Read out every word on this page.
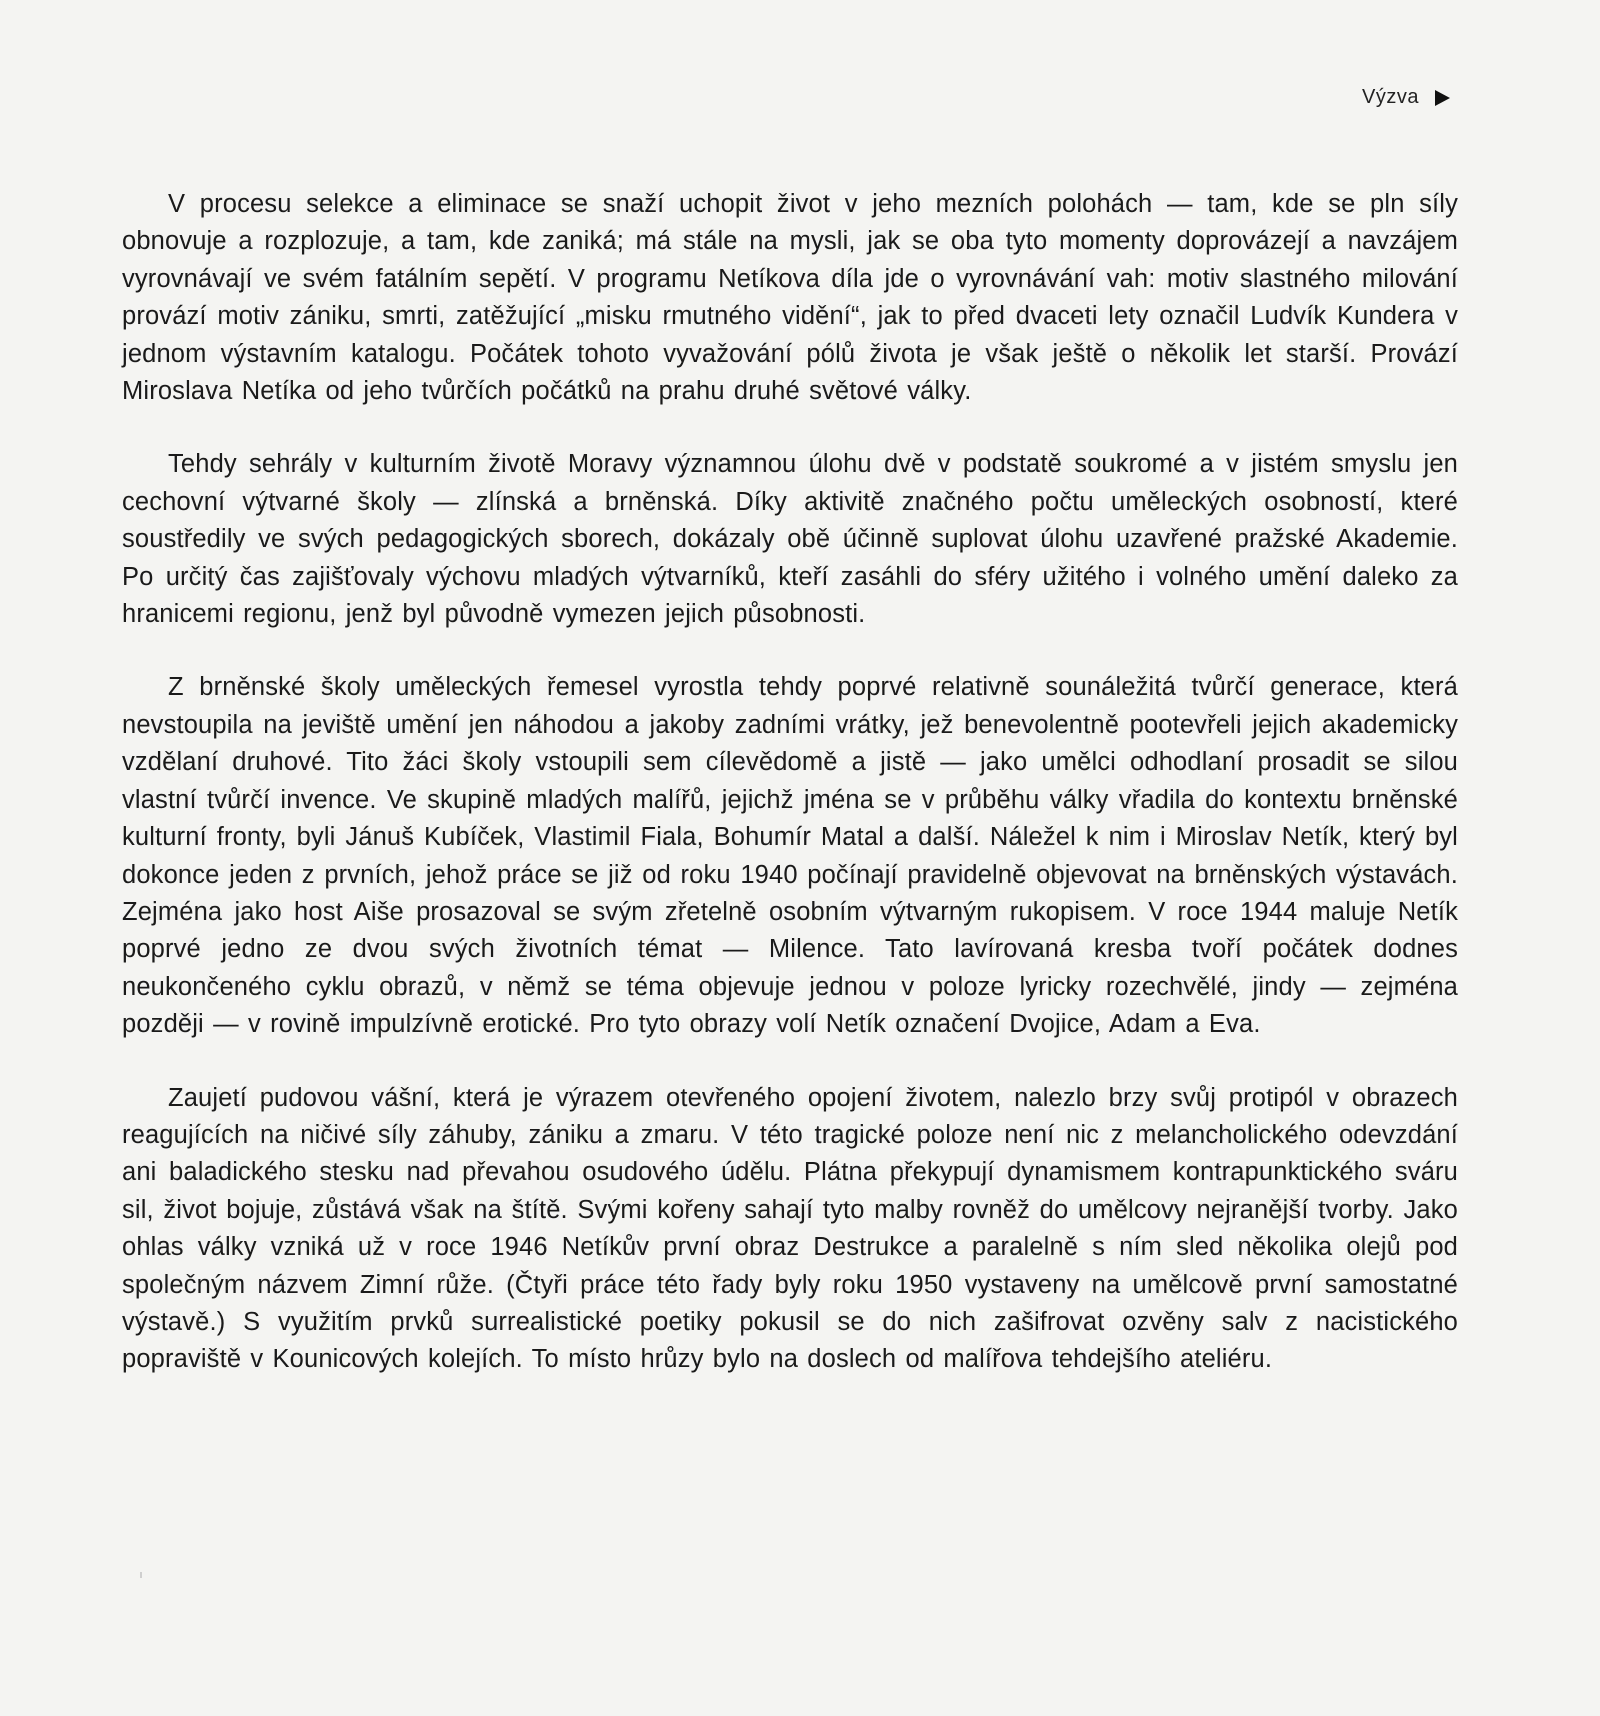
Výzva

V procesu selekce a eliminace se snaží uchopit život v jeho mezních polohách — tam, kde se pln síly obnovuje a rozplozuje, a tam, kde zaniká; má stále na mysli, jak se oba tyto momenty doprovázejí a navzájem vyrovnávají ve svém fatálním sepětí. V programu Netíkova díla jde o vyrovnávání vah: motiv slastného milování provází motiv zániku, smrti, zatěžující „misku rmutného vidění“, jak to před dvaceti lety označil Ludvík Kundera v jednom výstavním katalogu. Počátek tohoto vyvažování pólů života je však ještě o několik let starší. Provází Miroslava Netíka od jeho tvůrčích počátků na prahu druhé světové války.

Tehdy sehrály v kulturním životě Moravy významnou úlohu dvě v podstatě soukromé a v jistém smyslu jen cechovní výtvarné školy — zlínská a brněnská. Díky aktivitě značného počtu uměleckých osobností, které soustředily ve svých pedagogických sborech, dokázaly obě účinně suplovat úlohu uzavřené pražské Akademie. Po určitý čas zajišťovaly výchovu mladých výtvarníků, kteří zasáhli do sféry užitého i volného umění daleko za hranicemi regionu, jenž byl původně vymezen jejich působnosti.

Z brněnské školy uměleckých řemesel vyrostla tehdy poprvé relativně sounáležitá tvůrčí generace, která nevstoupila na jeviště umění jen náhodou a jakoby zadními vrátky, jež benevolentně pootevřeli jejich akademicky vzdělaní druhové. Tito žáci školy vstoupili sem cílevědomě a jistě — jako umělci odhodlaní prosadit se silou vlastní tvůrčí invence. Ve skupině mladých malířů, jejichž jména se v průběhu války vřadila do kontextu brněnské kulturní fronty, byli Jánuš Kubíček, Vlastimil Fiala, Bohumír Matal a další. Náležel k nim i Miroslav Netík, který byl dokonce jeden z prvních, jehož práce se již od roku 1940 počínají pravidelně objevovat na brněnských výstavách. Zejména jako host Aiše prosazoval se svým zřetelně osobním výtvarným rukopisem. V roce 1944 maluje Netík poprvé jedno ze dvou svých životních témat — Milence. Tato lavírovaná kresba tvoří počátek dodnes neukončeného cyklu obrazů, v němž se téma objevuje jednou v poloze lyricky rozechvělé, jindy — zejména později — v rovině impulzívně erotické. Pro tyto obrazy volí Netík označení Dvojice, Adam a Eva.

Zaujetí pudovou vášní, která je výrazem otevřeného opojení životem, nalezlo brzy svůj protipól v obrazech reagujících na ničivé síly záhuby, zániku a zmaru. V této tragické poloze není nic z melancholického odevzdání ani baladického stesku nad převahou osudového údělu. Plátna překypují dynamismem kontrapunktického sváru sil, život bojuje, zůstává však na štítě. Svými kořeny sahají tyto malby rovněž do umělcovy nejranější tvorby. Jako ohlas války vzniká už v roce 1946 Netíkův první obraz Destrukce a paralelně s ním sled několika olejů pod společným názvem Zimní růže. (Čtyři práce této řady byly roku 1950 vystaveny na umělcově první samostatné výstavě.) S využitím prvků surrealistické poetiky pokusil se do nich zašifrovat ozvěny salv z nacistického popraviště v Kounicových kolejích. To místo hrůzy bylo na doslech od malířova tehdejšího ateliéru.
